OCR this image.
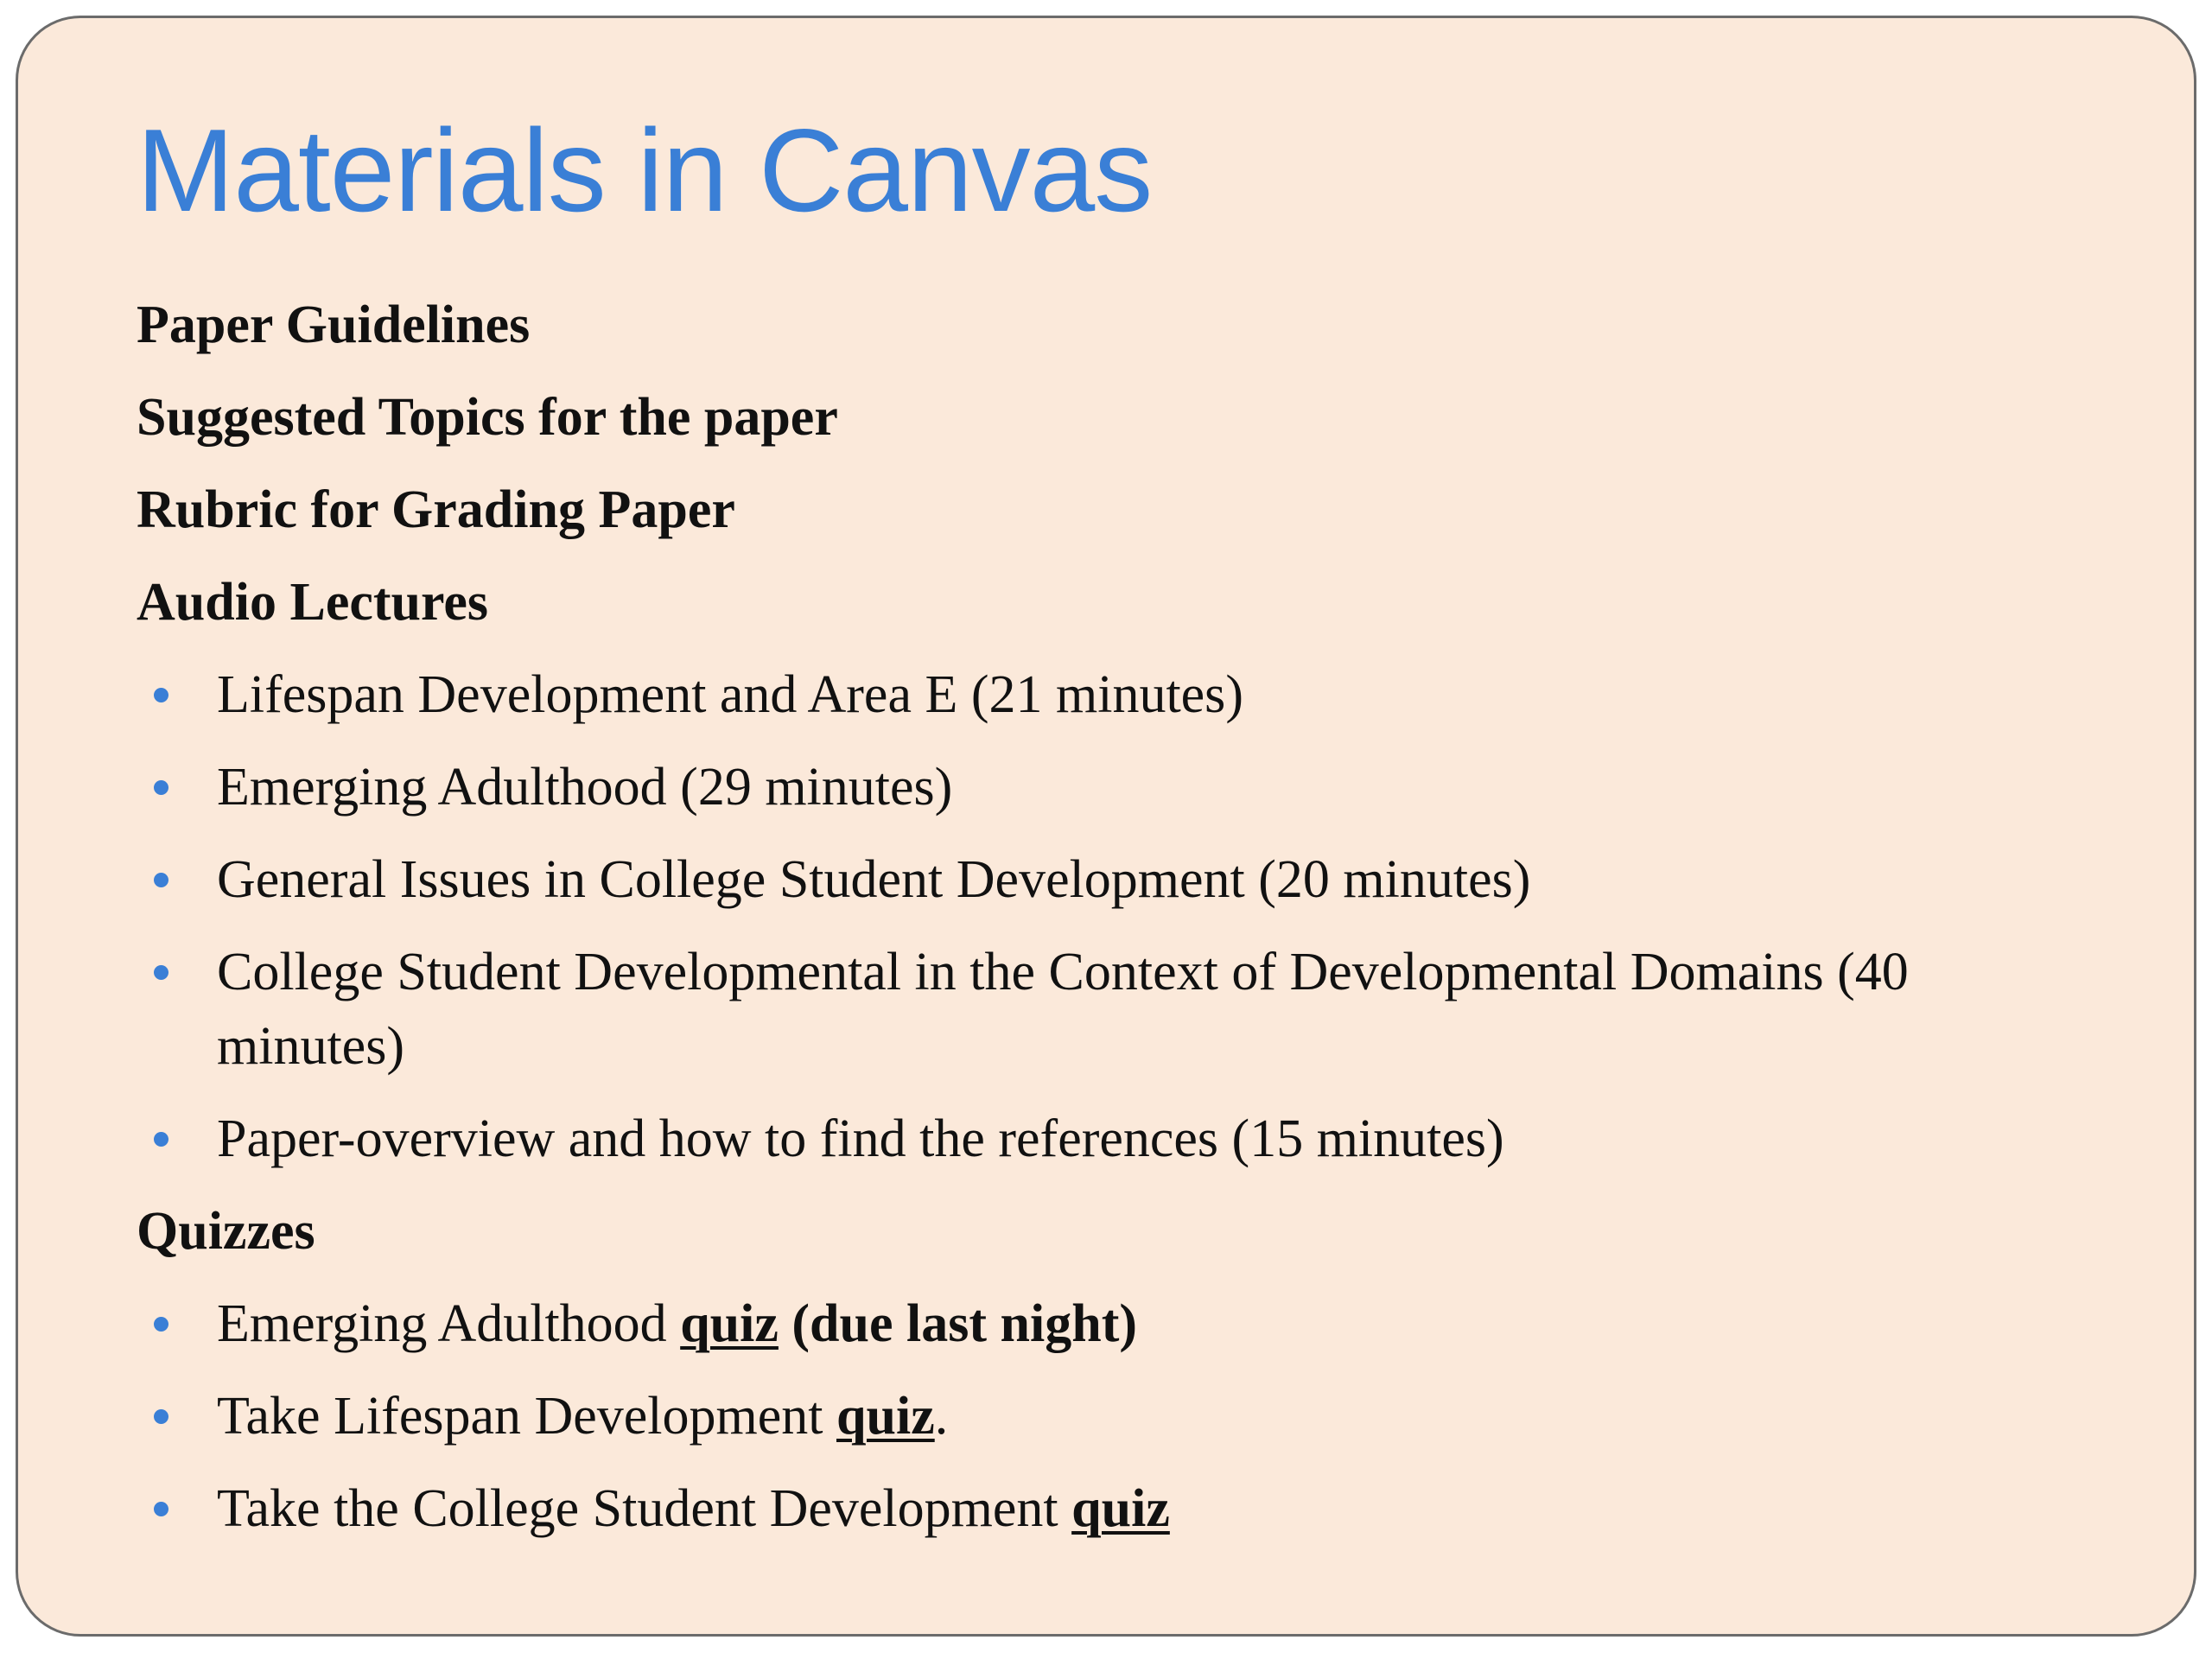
Materials in Canvas
Paper Guidelines
Suggested Topics for the paper
Rubric for Grading Paper
Audio Lectures
Lifespan Development and Area E (21 minutes)
Emerging Adulthood (29 minutes)
General Issues in College Student Development (20 minutes)
College Student Developmental in the Context of Developmental Domains (40 minutes)
Paper-overview and how to find the references (15 minutes)
Quizzes
Emerging Adulthood quiz (due last night)
Take Lifespan Development quiz.
Take the College Student Development quiz
